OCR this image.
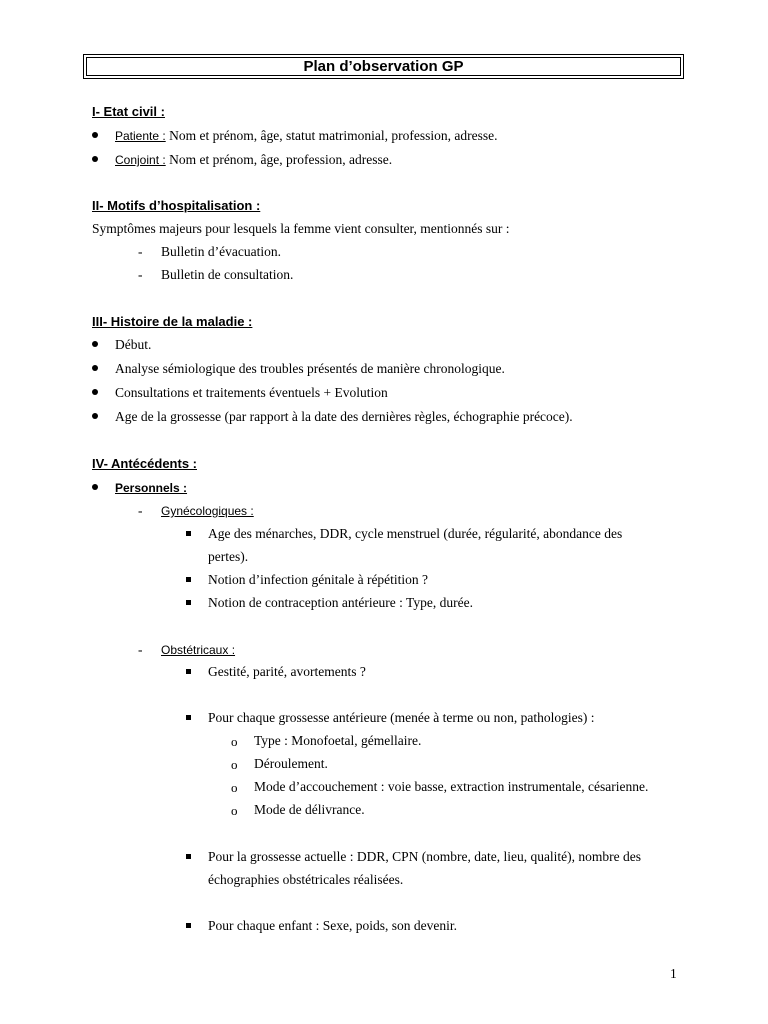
Plan d’observation GP
I- Etat civil :
Patiente : Nom et prénom, âge, statut matrimonial, profession, adresse.
Conjoint : Nom et prénom, âge, profession, adresse.
II- Motifs d’hospitalisation :
Symptômes majeurs pour lesquels la femme vient consulter, mentionnés sur :
- Bulletin d’évacuation.
- Bulletin de consultation.
III- Histoire de la maladie :
Début.
Analyse sémiologique des troubles présentés de manière chronologique.
Consultations et traitements éventuels + Evolution
Age de la grossesse (par rapport à la date des dernières règles, échographie précoce).
IV- Antécédents :
Personnels :
- Gynécologiques :
Age des ménarches, DDR, cycle menstruel (durée, régularité, abondance des
pertes).
Notion d’infection génitale à répétition ?
Notion de contraception antérieure : Type, durée.
- Obstétricaux :
Gestité, parité, avortements ?
Pour chaque grossesse antérieure (menée à terme ou non, pathologies) :
o Type : Monofoetal, gémellaire.
o Déroulement.
o Mode d’accouchement : voie basse, extraction instrumentale, césarienne.
o Mode de délivrance.
Pour la grossesse actuelle : DDR, CPN (nombre, date, lieu, qualité), nombre des
échographies obstétricales réalisées.
Pour chaque enfant : Sexe, poids, son devenir.
1
